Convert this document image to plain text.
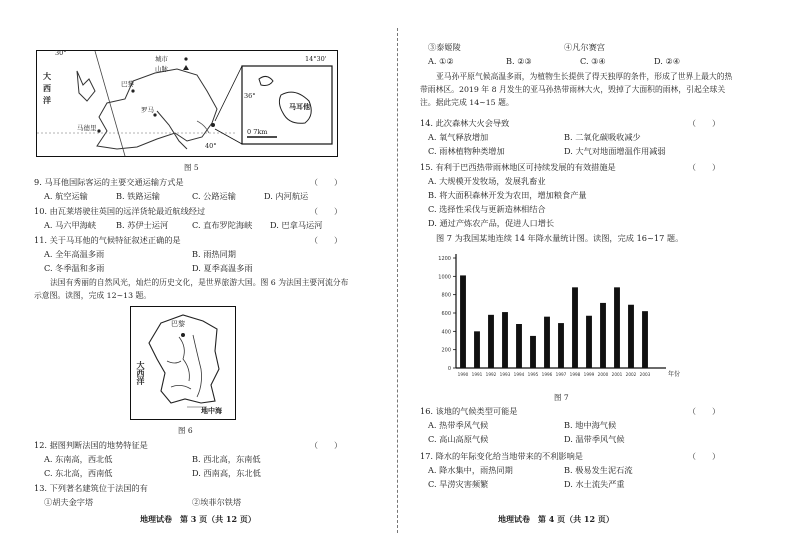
城市
山脉
30°
大
西
洋
巴黎
罗马
马德里
40°
14°30'
36°
马耳他
0 7km
图 5
9. 马耳他国际客运的主要交通运输方式是	（　　）
A. 航空运输	B. 铁路运输	C. 公路运输	D. 内河航运
10. 由瓦莱塔驶往英国的远洋货轮最近航线经过	（　　）
A. 马六甲海峡 B. 苏伊士运河	C. 直布罗陀海峡 D. 巴拿马运河
11. 关于马耳他的气候特征叙述正确的是	（　　）
A. 全年高温多雨	B. 雨热同期
C. 冬季温和多雨	D. 夏季高温多雨
法国有秀丽的自然风光，灿烂的历史文化，是世界旅游大国。图 6 为法国主要河流分布示意图。读图，完成 12~13 题。
巴黎
大西洋
地中海
图 6
12. 据图判断法国的地势特征是	（　　）
A. 东南高，西北低	B. 西北高，东南低
C. 东北高，西南低	D. 西南高，东北低
13. 下列著名建筑位于法国的有
①胡夫金字塔	②埃菲尔铁塔
地理试卷　第 3 页（共 12 页）
③泰姬陵	④凡尔赛宫
A. ①②	B. ②③	C. ③④	D. ②④
亚马孙平原气候高温多雨，为植物生长提供了得天独厚的条件，形成了世界上最大的热带雨林区。2019 年 8 月发生的亚马孙热带雨林大火，毁掉了大面积的雨林，引起全球关注。据此完成 14~15 题。
14. 此次森林大火会导致	（　　）
A. 氧气释放增加	B. 二氧化碳吸收减少
C. 雨林植物种类增加	D. 大气对地面增温作用减弱
15. 有利于巴西热带雨林地区可持续发展的有效措施是	（　　）
A. 大规模开发牧场，发展乳畜业
B. 将大面积森林开发为农田，增加粮食产量
C. 选择性采伐与更新造林相结合
D. 通过产炼农产品，促进人口增长
图 7 为我国某地连续 14 年降水量统计图。读图，完成 16~17 题。
1200
1000
800
600
400
200
0
1990 1991 1992 1993 1994 1995 1996 1997 1998 1999 2000 2001 2002 2003	年份
图 7
16. 该地的气候类型可能是	（　　）
A. 热带季风气候	B. 地中海气候
C. 高山高原气候	D. 温带季风气候
17. 降水的年际变化给当地带来的不利影响是	（　　）
A. 降水集中，雨热同期	B. 极易发生泥石流
C. 旱涝灾害频繁	D. 水土流失严重
地理试卷　第 4 页（共 12 页）
